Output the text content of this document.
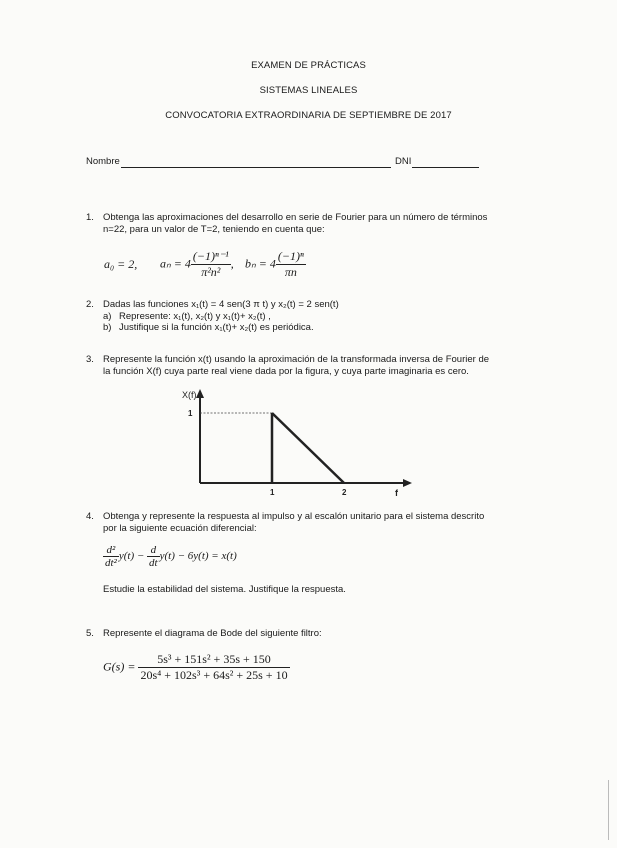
EXAMEN DE PRÁCTICAS
SISTEMAS LINEALES
CONVOCATORIA EXTRAORDINARIA DE SEPTIEMBRE DE 2017
Nombre	DNI
1. Obtenga las aproximaciones del desarrollo en serie de Fourier para un número de términos
n=22, para un valor de T=2, teniendo en cuenta que:
a₀ = 2, $a_n = 4 \frac{\text{(−1)ⁿ⁻¹}}{\text{π²n²}}$ , $b_n = 4 \frac{\text{(−1)ⁿ}}{\pi n}$
2. Dadas las funciones x₁(t) = 4 sen(3 π t) y x₂(t) = 2 sen(t)
a) Represente: x₁(t), x₂(t) y x₁(t)+ x₂(t) ,
b) Justifique si la función x₁(t)+ x₂(t) es periódica.
3. Represente la función x(t) usando la aproximación de la transformada inversa de Fourier de
la función X(f) cuya parte real viene dada por la figura, y cuya parte imaginaria es cero.
X(f)
f
1
1	2
4. Obtenga y represente la respuesta al impulso y al escalón unitario para el sistema descrito
por la siguiente ecuación diferencial:
$\frac{\text{d²}}{\text{dt²}} y(t) - \frac{d}{dt} y(t) - 6y(t) = x(t)$
Estudie la estabilidad del sistema. Justifique la respuesta.
5. Represente el diagrama de Bode del siguiente filtro:
$G(s) = \frac{\text{5s³ + 151s² + 35s + 150}}{\text{20s⁴ + 102s³ + 64s² + 25s + 10}}$
